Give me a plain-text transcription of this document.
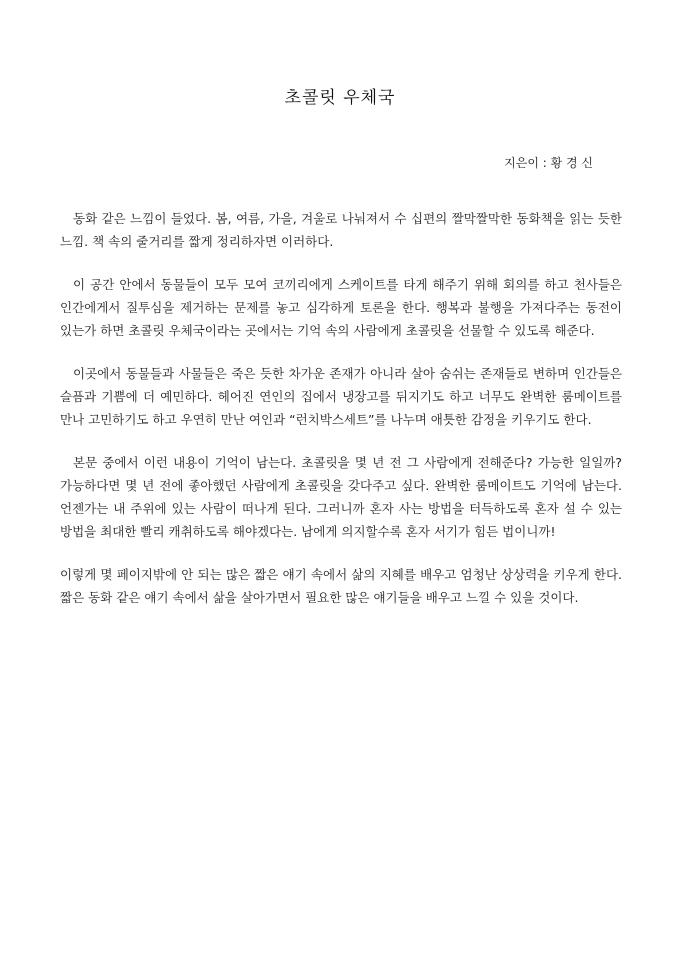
초콜릿 우체국
지은이 : 황 경 신

동화 같은 느낌이 들었다. 봄, 여름, 가을, 겨울로 나눠져서 수 십편의 짤막짤막한 동화책을 읽는 듯한 느낌. 책 속의 줄거리를 짧게 정리하자면 이러하다.

이 공간 안에서 동물들이 모두 모여 코끼리에게 스케이트를 타게 해주기 위해 회의를 하고 천사들은 인간에게서 질투심을 제거하는 문제를 놓고 심각하게 토론을 한다. 행복과 불행을 가져다주는 동전이 있는가 하면 초콜릿 우체국이라는 곳에서는 기억 속의 사람에게 초콜릿을 선물할 수 있도록 해준다.

이곳에서 동물들과 사물들은 죽은 듯한 차가운 존재가 아니라 살아 숨쉬는 존재들로 변하며 인간들은 슬픔과 기쁨에 더 예민하다. 헤어진 연인의 집에서 냉장고를 뒤지기도 하고 너무도 완벽한 룸메이트를 만나 고민하기도 하고 우연히 만난 여인과 “런치박스세트”를 나누며 애틋한 감정을 키우기도 한다.

본문 중에서 이런 내용이 기억이 남는다. 초콜릿을 몇 년 전 그 사람에게 전해준다? 가능한 일일까? 가능하다면 몇 년 전에 좋아했던 사람에게 초콜릿을 갖다주고 싶다. 완벽한 룸메이트도 기억에 남는다. 언젠가는 내 주위에 있는 사람이 떠나게 된다. 그러니까 혼자 사는 방법을 터득하도록 혼자 설 수 있는 방법을 최대한 빨리 캐취하도록 해야겠다는. 남에게 의지할수록 혼자 서기가 힘든 법이니까!

이렇게 몇 페이지밖에 안 되는 많은 짧은 얘기 속에서 삶의 지혜를 배우고 엄청난 상상력을 키우게 한다. 짧은 동화 같은 얘기 속에서 삶을 살아가면서 필요한 많은 얘기들을 배우고 느낄 수 있을 것이다.
